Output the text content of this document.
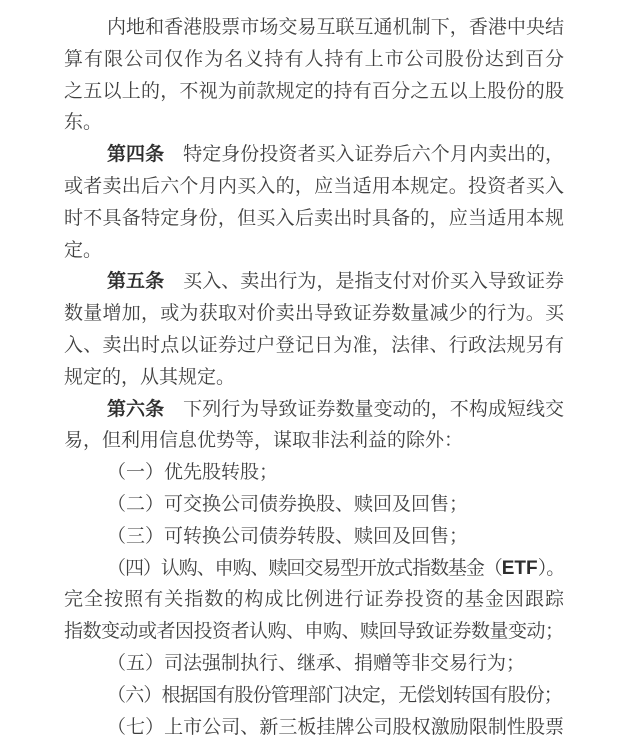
内地和香港股票市场交易互联互通机制下，香港中央结
算有限公司仅作为名义持有人持有上市公司股份达到百分
之五以上的，不视为前款规定的持有百分之五以上股份的股
东。
第四条　特定身份投资者买入证券后六个月内卖出的，
或者卖出后六个月内买入的，应当适用本规定。投资者买入
时不具备特定身份，但买入后卖出时具备的，应当适用本规
定。
第五条　买入、卖出行为，是指支付对价买入导致证券
数量增加，或为获取对价卖出导致证券数量减少的行为。买
入、卖出时点以证券过户登记日为准，法律、行政法规另有
规定的，从其规定。
第六条　下列行为导致证券数量变动的，不构成短线交
易，但利用信息优势等，谋取非法利益的除外：
（一）优先股转股；
（二）可交换公司债券换股、赎回及回售；
（三）可转换公司债券转股、赎回及回售；
（四）认购、申购、赎回交易型开放式指数基金（ETF）。
完全按照有关指数的构成比例进行证券投资的基金因跟踪
指数变动或者因投资者认购、申购、赎回导致证券数量变动；
（五）司法强制执行、继承、捐赠等非交易行为；
（六）根据国有股份管理部门决定，无偿划转国有股份；
（七）上市公司、新三板挂牌公司股权激励限制性股票
